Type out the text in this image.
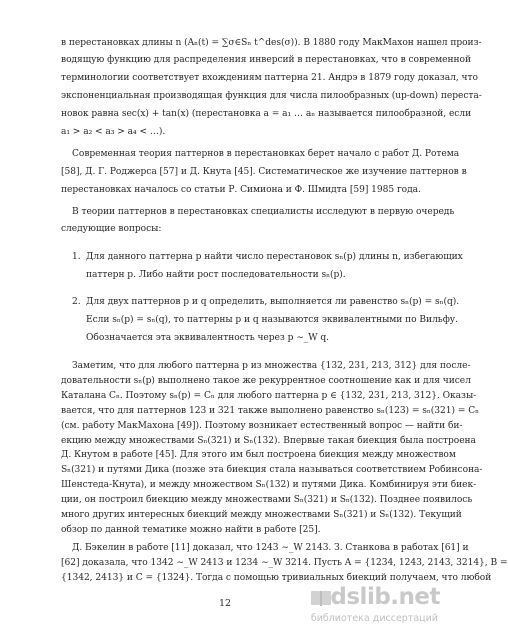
в перестановках длины n (Aₙ(t) = ∑σ∈Sₙ t^des(σ)). В 1880 году МакМахон нашел произ-
водящую функцию для распределения инверсий в перестановках, что в современной
терминологии соответствует вхождениям паттерна 21. Андрэ в 1879 году доказал, что
экспоненциальная производящая функция для числа пилообразных (up-down) переста-
новок равна sec(x) + tan(x) (перестановка a = a₁ … aₙ называется пилообразной, если
a₁ > a₂ < a₃ > a₄ < …).
Современная теория паттернов в перестановках берет начало с работ Д. Ротема
[58], Д. Г. Роджерса [57] и Д. Кнута [45]. Систематическое же изучение паттернов в
перестановках началось со статьи Р. Симиона и Ф. Шмидта [59] 1985 года.
В теории паттернов в перестановках специалисты исследуют в первую очередь
следующие вопросы:
1. Для данного паттерна p найти число перестановок sₙ(p) длины n, избегающих
паттерн p. Либо найти рост последовательности sₙ(p).
2. Для двух паттернов p и q определить, выполняется ли равенство sₙ(p) = sₙ(q).
Если sₙ(p) = sₙ(q), то паттерны p и q называются эквивалентными по Вильфу.
Обозначается эта эквивалентность через p ∼_W q.
Заметим, что для любого паттерна p из множества {132, 231, 213, 312} для после-
довательности sₙ(p) выполнено такое же рекуррентное соотношение как и для чисел
Каталана Cₙ. Поэтому sₙ(p) = Cₙ для любого паттерна p ∈ {132, 231, 213, 312}. Оказы-
вается, что для паттернов 123 и 321 также выполнено равенство sₙ(123) = sₙ(321) = Cₙ
(см. работу МакМахона [49]). Поэтому возникает естественный вопрос — найти би-
екцию между множествами Sₙ(321) и Sₙ(132). Впервые такая биекция была построена
Д. Кнутом в работе [45]. Для этого им был построена биекция между множеством
Sₙ(321) и путями Дика (позже эта биекция стала называться соответствием Робинсона-
Шенстеда-Кнута), и между множеством Sₙ(132) и путями Дика. Комбинируя эти биек-
ции, он построил биекцию между множествами Sₙ(321) и Sₙ(132). Позднее появилось
много других интересных биекций между множествами Sₙ(321) и Sₙ(132). Текущий
обзор по данной тематике можно найти в работе [25].
Д. Бэкелин в работе [11] доказал, что 1243 ∼_W 2143. З. Станкова в работах [61] и
[62] доказала, что 1342 ∼_W 2413 и 1234 ∼_W 3214. Пусть A = {1234, 1243, 2143, 3214}, B =
{1342, 2413} и C = {1324}. Тогда с помощью тривиальных биекций получаем, что любой
12	dslib.net
библиотека диссертаций
